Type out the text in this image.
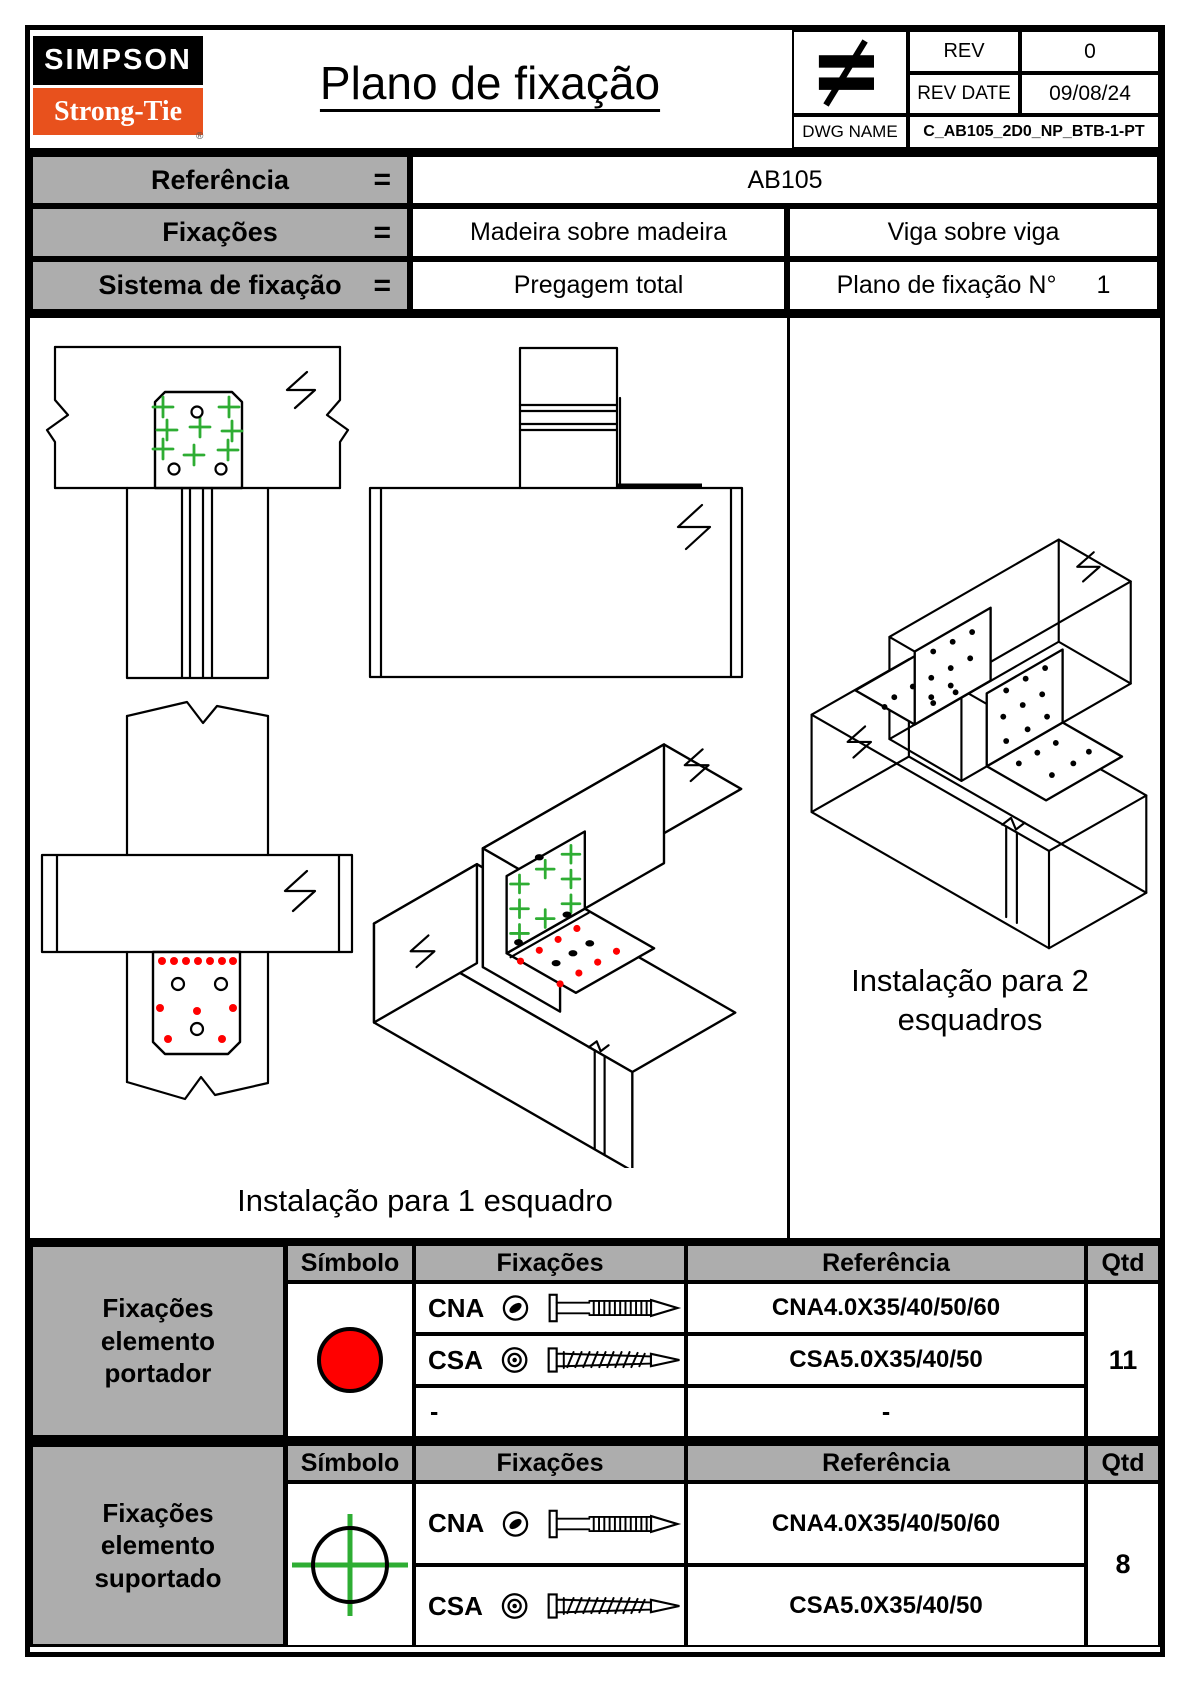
SIMPSON
Strong-Tie
®
Plano de fixação
REV	0
REV DATE	09/08/24
DWG NAME	C_AB105_2D0_NP_BTB-1-PT
Referência	=	AB105
Fixações	=	Madeira sobre madeira	Viga sobre viga
Sistema de fixação =	Pregagem total	Plano de fixação N° 1
Instalação para 1 esquadro
Instalação para 2
esquadros
Fixações elemento portador
Símbolo	Fixações	Referência	Qtd
CNA	CNA4.0X35/40/50/60
CSA	CSA5.0X35/40/50
-	-
11
Fixações elemento suportado
Símbolo	Fixações	Referência	Qtd
CNA	CNA4.0X35/40/50/60
CSA	CSA5.0X35/40/50
8
